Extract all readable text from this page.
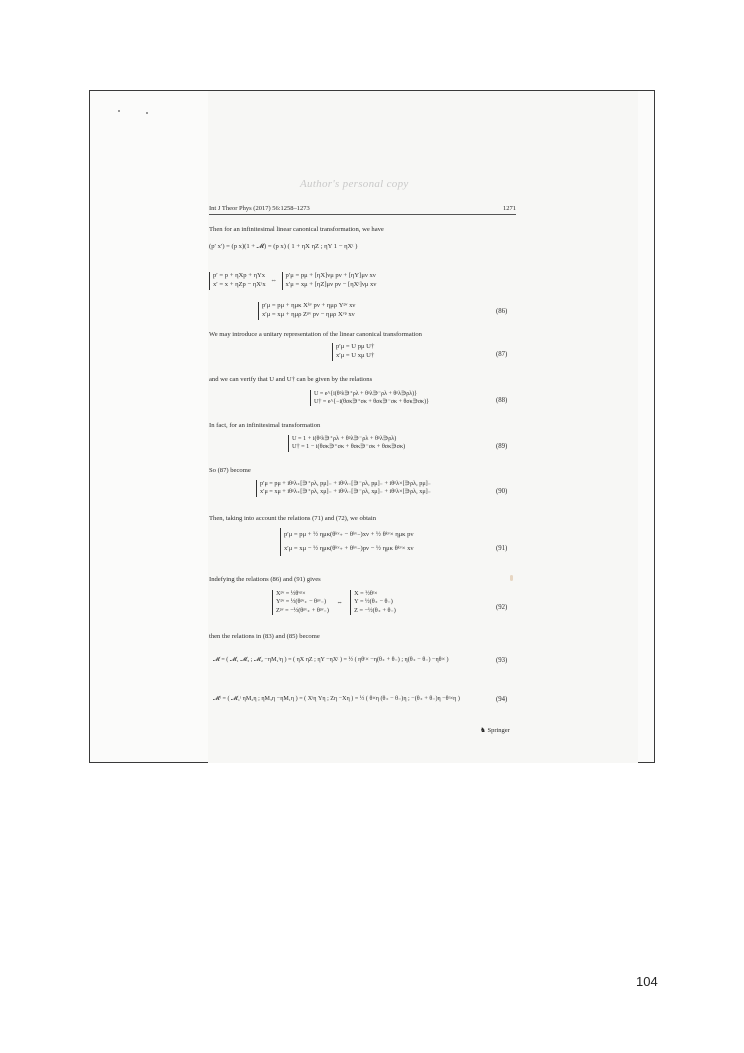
Author's personal copy
Int J Theor Phys (2017) 56:1258–1273	1271
Then for an infinitesimal linear canonical transformation, we have
(p′ x′) = (p x)(1 + 𝓜) = (p x) ( 1 + ηX ηZ ; ηY 1 − ηXᵗ )
p′ = p + ηXp + ηYx
x′ = x + ηZp − ηXᵗx ⇔
p′μ = pμ + [ηX]νμ pν + [ηY]μν xν
x′μ = xμ + [ηZ]μν pν − [ηXᵗ]νμ xν
p′μ = pμ + ημκ Xᵏᵛ pν + ημρ Yᵖᵛ xν
x′μ = xμ + ημρ Zᵖᵛ pν − ημρ Xᵛᵖ xν	(86)
We may introduce a unitary representation of the linear canonical transformation
p′μ = U pμ U†
x′μ = U xμ U†	(87)
and we can verify that U and U† can be given by the relations
U = e^{i(θᵖλ∋⁺ρλ + θᵖλ∋⁻ρλ + θᵖλ∋ρλ)}
U† = e^{−i(θσκ∋⁺σκ + θσκ∋⁻σκ + θσκ∋σκ)}	(88)
In fact, for an infinitesimal transformation
U = 1 + i(θᵖλ∋⁺ρλ + θᵖλ∋⁻ρλ + θᵖλ∋ρλ)
U† = 1 − i(θσκ∋⁺σκ + θσκ∋⁻σκ + θσκ∋σκ)	(89)
So (87) become
p′μ = pμ + iθᵖλ₊[∋⁺ρλ, pμ]₋ + iθᵖλ₋[∋⁻ρλ, pμ]₋ + iθᵖλ×[∋ρλ, pμ]₋
x′μ = xμ + iθᵖλ₊[∋⁺ρλ, xμ]₋ + iθᵖλ₋[∋⁻ρλ, xμ]₋ + iθᵖλ×[∋ρλ, xμ]₋	(90)
Then, taking into account the relations (71) and (72), we obtain
p′μ = pμ + ½ ημκ(θᵏᵛ₊ − θᵏᵛ₋)xν + ½ θᵏᵛ× ημκ pν
x′μ = xμ − ½ ημκ(θᵏᵛ₊ + θᵏᵛ₋)pν − ½ ημκ θᵏᵛ× xν	(91)
Indefying the relations (86) and (91) gives
Xᵖᵛ = ½θᵛᵖ×
Yᵖᵛ = ½(θᵖᵛ₊ − θᵖᵛ₋)
Zᵖᵛ = −½(θᵖᵛ₊ + θᵖᵛ₋)
⇔
X = ½θᵗ×
Y = ½(θ₊ − θ₋)
Z = −½(θ₊ + θ₋)	(92)
then the relations in (83) and (85) become
𝓜 = ( 𝓜₁ 𝓜₃ ; 𝓜₂ −ηM₁ᵗη ) = ( ηX ηZ ; ηY −ηXᵗ ) = ½ ( ηθᵗ× −η(θ₊ + θ₋) ; η(θ₊ − θ₋) −ηθ× )	(93)
𝓜ᵗ = ( 𝓜₁ᵗ ηM₂η ; ηM₃η −ηM₁η ) = ( Xᵗη Yη ; Zη −Xη ) = ½ ( θ×η (θ₊ − θ₋)η ; −(θ₊ + θ₋)η −θᵗ×η )	(94)
♞ Springer
104
